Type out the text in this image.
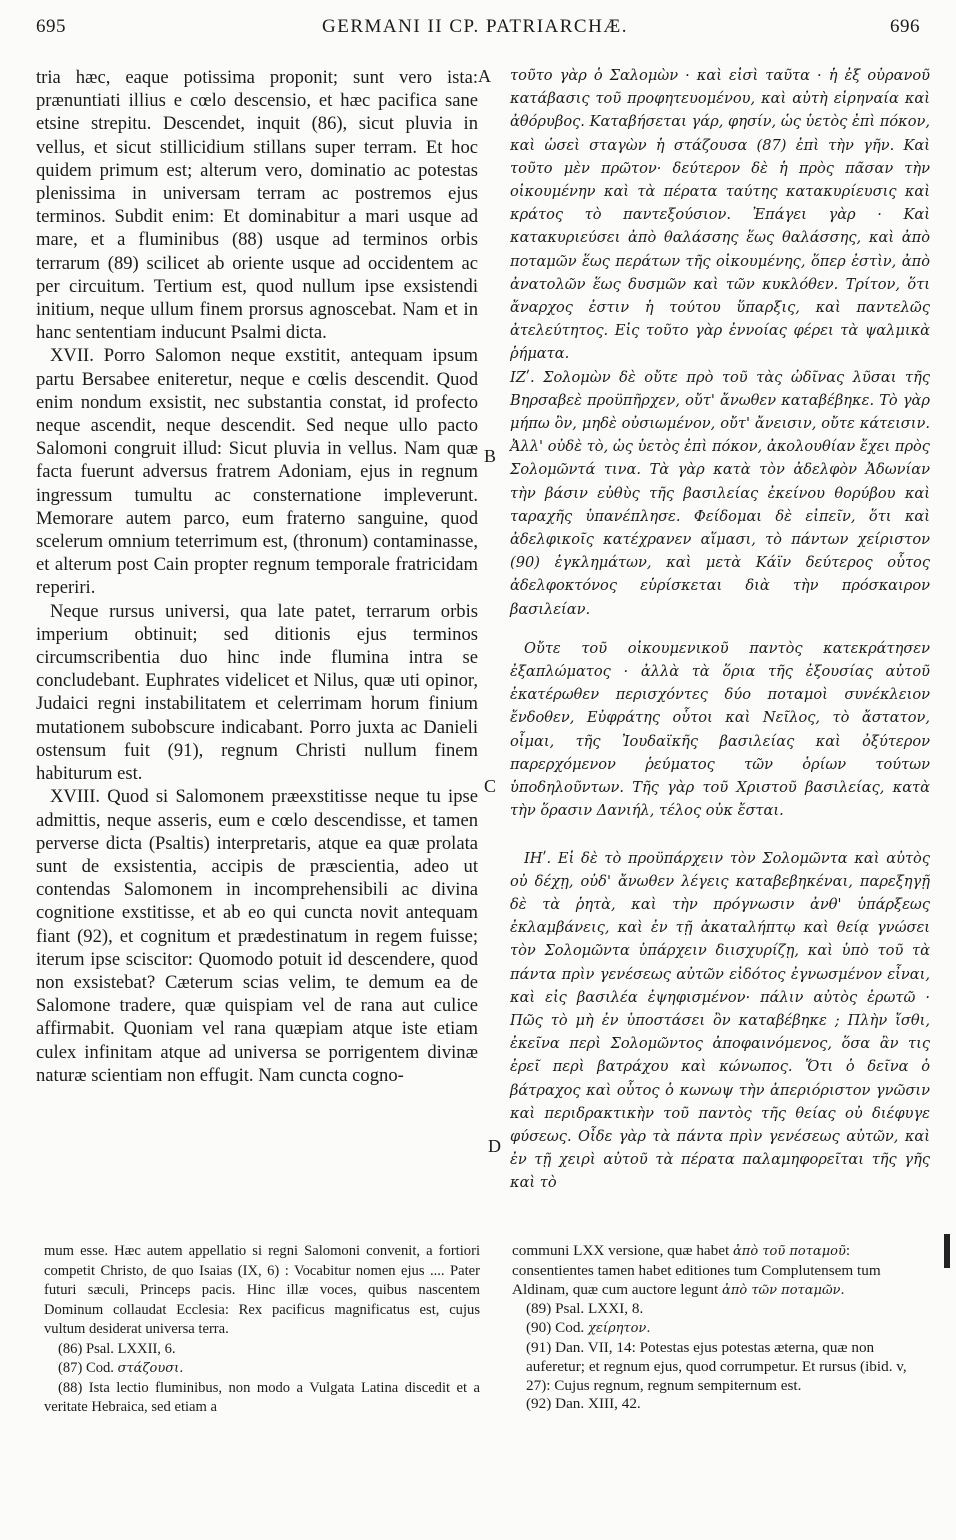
695	GERMANI II CP. PATRIARCHÆ.	696

tria hæc, eaque potissima proponit; sunt vero ista: prænuntiati illius e cœlo descensio, et hæc pacifica sane etsine strepitu. Descendet, inquit (86), sicut pluvia in vellus, et sicut stillicidium stillans super terram. Et hoc quidem primum est; alterum vero, dominatio ac potestas plenissima in universam terram ac postremos ejus terminos. Subdit enim: Et dominabitur a mari usque ad mare, et a fluminibus (88) usque ad terminos orbis terrarum (89) scilicet ab oriente usque ad occidentem ac per circuitum. Tertium est, quod nullum ipse exsistendi initium, neque ullum finem prorsus agnoscebat. Nam et in hanc sententiam inducunt Psalmi dicta.

XVII. Porro Salomon neque exstitit, antequam ipsum partu Bersabee eniteretur, neque e cœlis descendit. Quod enim nondum exsistit, nec substantia constat, id profecto neque ascendit, neque descendit. Sed neque ullo pacto Salomoni congruit illud: Sicut pluvia in vellus. Nam quæ facta fuerunt adversus fratrem Adoniam, ejus in regnum ingressum tumultu ac consternatione impleverunt. Memorare autem parco, eum fraterno sanguine, quod scelerum omnium teterrimum est, (thronum) contaminasse, et alterum post Cain propter regnum temporale fratricidam reperiri.

Neque rursus universi, qua late patet, terrarum orbis imperium obtinuit; sed ditionis ejus terminos circumscribentia duo hinc inde flumina intra se concludebant. Euphrates videlicet et Nilus, quæ uti opinor, Judaici regni instabilitatem et celerrimam horum finium mutationem subobscure indicabant. Porro juxta ac Danieli ostensum fuit (91), regnum Christi nullum finem habiturum est.

XVIII. Quod si Salomonem præexstitisse neque tu ipse admittis, neque asseris, eum e cœlo descendisse, et tamen perverse dicta (Psaltis) interpretaris, atque ea quæ prolata sunt de exsistentia, accipis de præscientia, adeo ut contendas Salomonem in incomprehensibili ac divina cognitione exstitisse, et ab eo qui cuncta novit antequam fiant (92), et cognitum et prædestinatum in regem fuisse; iterum ipse sciscitor: Quomodo potuit id descendere, quod non exsistebat? Cæterum scias velim, te demum ea de Salomone tradere, quæ quispiam vel de rana aut culice affirmabit. Quoniam vel rana quæpiam atque iste etiam culex infinitam atque ad universa se porrigentem divinæ naturæ scientiam non effugit. Nam cuncta cogno-

A
B
C
D

τοῦτο γὰρ ὁ Σαλομὼν · καὶ εἰσὶ ταῦτα · ἡ ἐξ οὐρανοῦ κατάβασις τοῦ προφητευομένου, καὶ αὐτὴ εἰρηναία καὶ ἀθόρυβος. Καταβήσεται γάρ, φησίν, ὡς ὑετὸς ἐπὶ πόκον, καὶ ὡσεὶ σταγὼν ἡ στάζουσα (87) ἐπὶ τὴν γῆν. Καὶ τοῦτο μὲν πρῶτον· δεύτερον δὲ ἡ πρὸς πᾶσαν τὴν οἰκουμένην καὶ τὰ πέρατα ταύτης κατακυρίευσις καὶ κράτος τὸ παντεξούσιον. Ἐπάγει γὰρ · Καὶ κατακυριεύσει ἀπὸ θαλάσσης ἕως θαλάσσης, καὶ ἀπὸ ποταμῶν ἕως περάτων τῆς οἰκουμένης, ὅπερ ἐστὶν, ἀπὸ ἀνατολῶν ἕως δυσμῶν καὶ τῶν κυκλόθεν. Τρίτον, ὅτι ἄναρχος ἐστιν ἡ τούτου ὕπαρξις, καὶ παντελῶς ἀτελεύτητος. Εἰς τοῦτο γὰρ ἐννοίας φέρει τὰ ψαλμικὰ ῥήματα.

ΙΖʹ. Σολομὼν δὲ οὔτε πρὸ τοῦ τὰς ὠδῖνας λῦσαι τῆς Βηρσαβεὲ προϋπῆρχεν, οὔτ' ἄνωθεν καταβέβηκε. Τὸ γὰρ μήπω ὂν, μηδὲ οὐσιωμένον, οὔτ' ἄνεισιν, οὔτε κάτεισιν. Ἀλλ' οὐδὲ τὸ, ὡς ὑετὸς ἐπὶ πόκον, ἀκολουθίαν ἔχει πρὸς Σολομῶντά τινα. Τὰ γὰρ κατὰ τὸν ἀδελφὸν Ἀδωνίαν τὴν βάσιν εὐθὺς τῆς βασιλείας ἐκείνου θορύβου καὶ ταραχῆς ὑπανέπλησε. Φείδομαι δὲ εἰπεῖν, ὅτι καὶ ἀδελφικοῖς κατέχρανεν αἵμασι, τὸ πάντων χείριστον (90) ἐγκλημάτων, καὶ μετὰ Κάϊν δεύτερος οὗτος ἀδελφοκτόνος εὑρίσκεται διὰ τὴν πρόσκαιρον βασιλείαν.

Οὔτε τοῦ οἰκουμενικοῦ παντὸς κατεκράτησεν ἐξαπλώματος · ἀλλὰ τὰ ὅρια τῆς ἐξουσίας αὐτοῦ ἑκατέρωθεν περισχόντες δύο ποταμοὶ συνέκλειον ἔνδοθεν, Εὐφράτης οὗτοι καὶ Νεῖλος, τὸ ἄστατον, οἶμαι, τῆς Ἰουδαϊκῆς βασιλείας καὶ ὀξύτερον παρερχόμενον ῥεύματος τῶν ὁρίων τούτων ὑποδηλοῦντων. Τῆς γὰρ τοῦ Χριστοῦ βασιλείας, κατὰ τὴν ὅρασιν Δανιήλ, τέλος οὐκ ἔσται.

ΙΗʹ. Εἰ δὲ τὸ προϋπάρχειν τὸν Σολομῶντα καὶ αὐτὸς οὐ δέχῃ, οὐδ' ἄνωθεν λέγεις καταβεβηκέναι, παρεξηγῇ δὲ τὰ ῥητὰ, καὶ τὴν πρόγνωσιν ἀνθ' ὑπάρξεως ἐκλαμβάνεις, καὶ ἐν τῇ ἀκαταλήπτῳ καὶ θείᾳ γνώσει τὸν Σολομῶντα ὑπάρχειν διισχυρίζῃ, καὶ ὑπὸ τοῦ τὰ πάντα πρὶν γενέσεως αὐτῶν εἰδότος ἐγνωσμένον εἶναι, καὶ εἰς βασιλέα ἐψηφισμένον· πάλιν αὐτὸς ἐρωτῶ · Πῶς τὸ μὴ ἐν ὑποστάσει ὂν καταβέβηκε ; Πλὴν ἴσθι, ἐκεῖνα περὶ Σολομῶντος ἀποφαινόμενος, ὅσα ἂν τις ἐρεῖ περὶ βατράχου καὶ κώνωπος. Ὅτι ὁ δεῖνα ὁ βάτραχος καὶ οὗτος ὁ κωνωψ τὴν ἀπεριόριστον γνῶσιν καὶ περιδρακτικὴν τοῦ παντὸς τῆς θείας οὐ διέφυγε φύσεως. Οἶδε γὰρ τὰ πάντα πρὶν γενέσεως αὐτῶν, καὶ ἐν τῇ χειρὶ αὐτοῦ τὰ πέρατα παλαμηφορεῖται τῆς γῆς καὶ τὸ

mum esse. Hæc autem appellatio si regni Salomoni convenit, a fortiori competit Christo, de quo Isaias (IX, 6) : Vocabitur nomen ejus .... Pater futuri sæculi, Princeps pacis. Hinc illæ voces, quibus nascentem Dominum collaudat Ecclesia: Rex pacificus magnificatus est, cujus vultum desiderat universa terra.

(86) Psal. LXXII, 6.

(87) Cod. στάζουσι.

(88) Ista lectio fluminibus, non modo a Vulgata Latina discedit et a veritate Hebraica, sed etiam a

communi LXX versione, quæ habet ἀπὸ τοῦ ποταμοῦ: consentientes tamen habet editiones tum Complutensem tum Aldinam, quæ cum auctore legunt ἀπὸ τῶν ποταμῶν.

(89) Psal. LXXI, 8.

(90) Cod. χείρητον.

(91) Dan. VII, 14: Potestas ejus potestas æterna, quæ non auferetur; et regnum ejus, quod corrumpetur. Et rursus (ibid. v, 27): Cujus regnum, regnum sempiternum est.

(92) Dan. XIII, 42.
